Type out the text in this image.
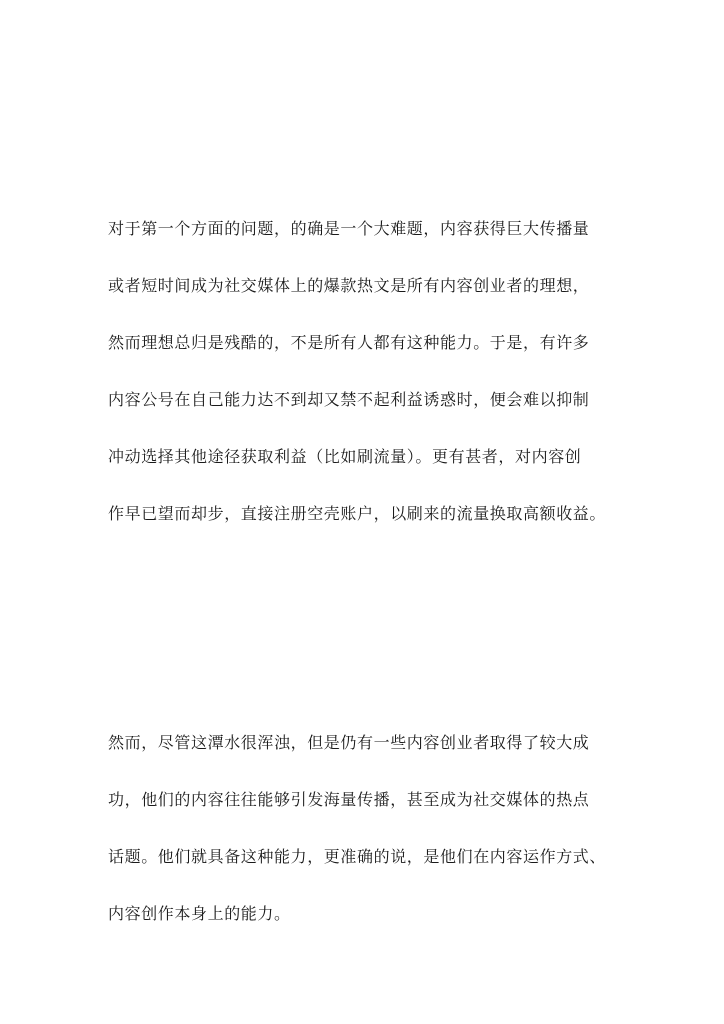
对于第一个方面的问题，的确是一个大难题，内容获得巨大传播量
或者短时间成为社交媒体上的爆款热文是所有内容创业者的理想，
然而理想总归是残酷的，不是所有人都有这种能力。于是，有许多
内容公号在自己能力达不到却又禁不起利益诱惑时，便会难以抑制
冲动选择其他途径获取利益（比如刷流量）。更有甚者，对内容创
作早已望而却步，直接注册空壳账户，以刷来的流量换取高额收益。
然而，尽管这潭水很浑浊，但是仍有一些内容创业者取得了较大成
功，他们的内容往往能够引发海量传播，甚至成为社交媒体的热点
话题。他们就具备这种能力，更准确的说，是他们在内容运作方式、
内容创作本身上的能力。
